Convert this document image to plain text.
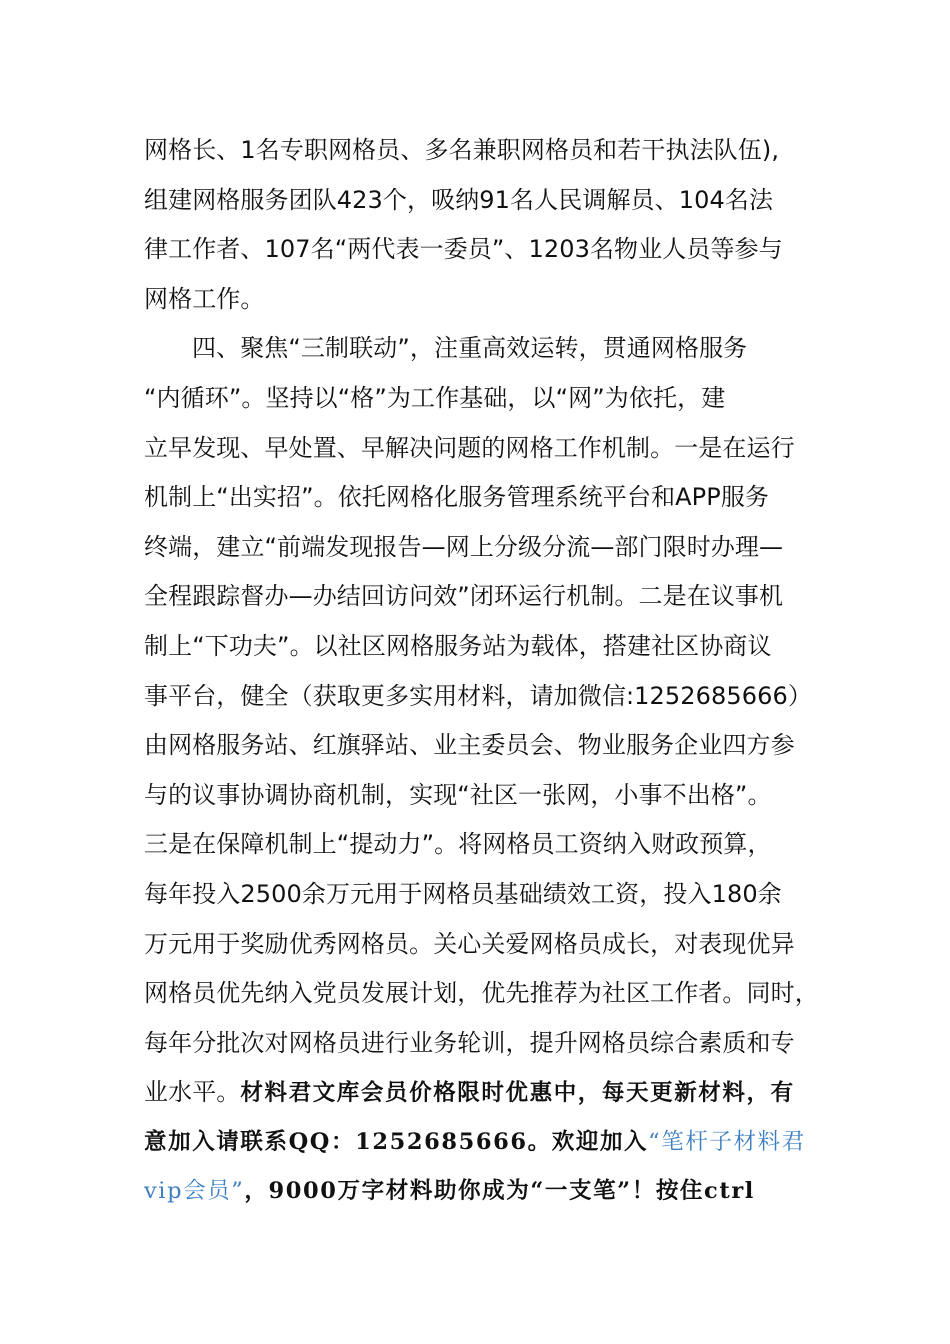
网格长、1名专职网格员、多名兼职网格员和若干执法队伍),
组建网格服务团队423个，吸纳91名人民调解员、104名法
律工作者、107名“两代表一委员”、1203名物业人员等参与
网格工作。
四、聚焦“三制联动”，注重高效运转，贯通网格服务
“内循环”。坚持以“格”为工作基础，以“网”为依托，建
立早发现、早处置、早解决问题的网格工作机制。一是在运行
机制上“出实招”。依托网格化服务管理系统平台和APP服务
终端，建立“前端发现报告—网上分级分流—部门限时办理—
全程跟踪督办—办结回访问效”闭环运行机制。二是在议事机
制上“下功夫”。以社区网格服务站为载体，搭建社区协商议
事平台，健全（获取更多实用材料，请加微信:1252685666）
由网格服务站、红旗驿站、业主委员会、物业服务企业四方参
与的议事协调协商机制，实现“社区一张网，小事不出格”。
三是在保障机制上“提动力”。将网格员工资纳入财政预算，
每年投入2500余万元用于网格员基础绩效工资，投入180余
万元用于奖励优秀网格员。关心关爱网格员成长，对表现优异
网格员优先纳入党员发展计划，优先推荐为社区工作者。同时，
每年分批次对网格员进行业务轮训，提升网格员综合素质和专
业水平。材料君文库会员价格限时优惠中，每天更新材料，有
意加入请联系QQ：1252685666。欢迎加入“笔杆子材料君
vip会员”，9000万字材料助你成为“一支笔”！按住ctrl
